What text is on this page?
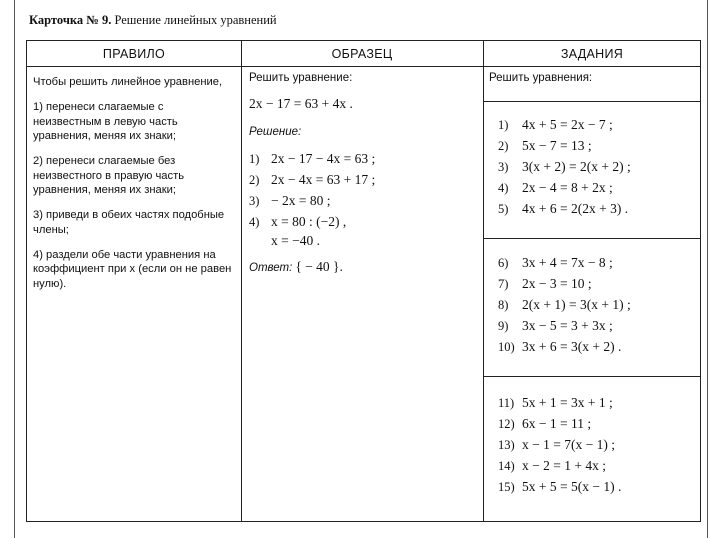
Карточка № 9. Решение линейных уравнений
ПРАВИЛО	ОБРАЗЕЦ	ЗАДАНИЯ

Чтобы решить линейное уравнение,

1) перенеси слагаемые с неизвестным в левую часть уравнения, меняя их знаки;

2) перенеси слагаемые без неизвестного в правую часть уравнения, меняя их знаки;

3) приведи в обеих частях подобные члены;

4) раздели обе части уравнения на коэффициент при x (если он не равен нулю).

Решить уравнение:
2x − 17 = 63 + 4x .
Решение:
1) 2x − 17 − 4x = 63 ;
2) 2x − 4x = 63 + 17 ;
3) − 2x = 80 ;
4) x = 80 : (−2) ,
x = −40 .
Ответ: { − 40 }.
Решить уравнения:
1) 4x + 5 = 2x − 7 ;
2) 5x − 7 = 13 ;
3) 3(x + 2) = 2(x + 2) ;
4) 2x − 4 = 8 + 2x ;
5) 4x + 6 = 2(2x + 3) .
6) 3x + 4 = 7x − 8 ;
7) 2x − 3 = 10 ;
8) 2(x + 1) = 3(x + 1) ;
9) 3x − 5 = 3 + 3x ;
10) 3x + 6 = 3(x + 2) .
11) 5x + 1 = 3x + 1 ;
12) 6x − 1 = 11 ;
13) x − 1 = 7(x − 1) ;
14) x − 2 = 1 + 4x ;
15) 5x + 5 = 5(x − 1) .
